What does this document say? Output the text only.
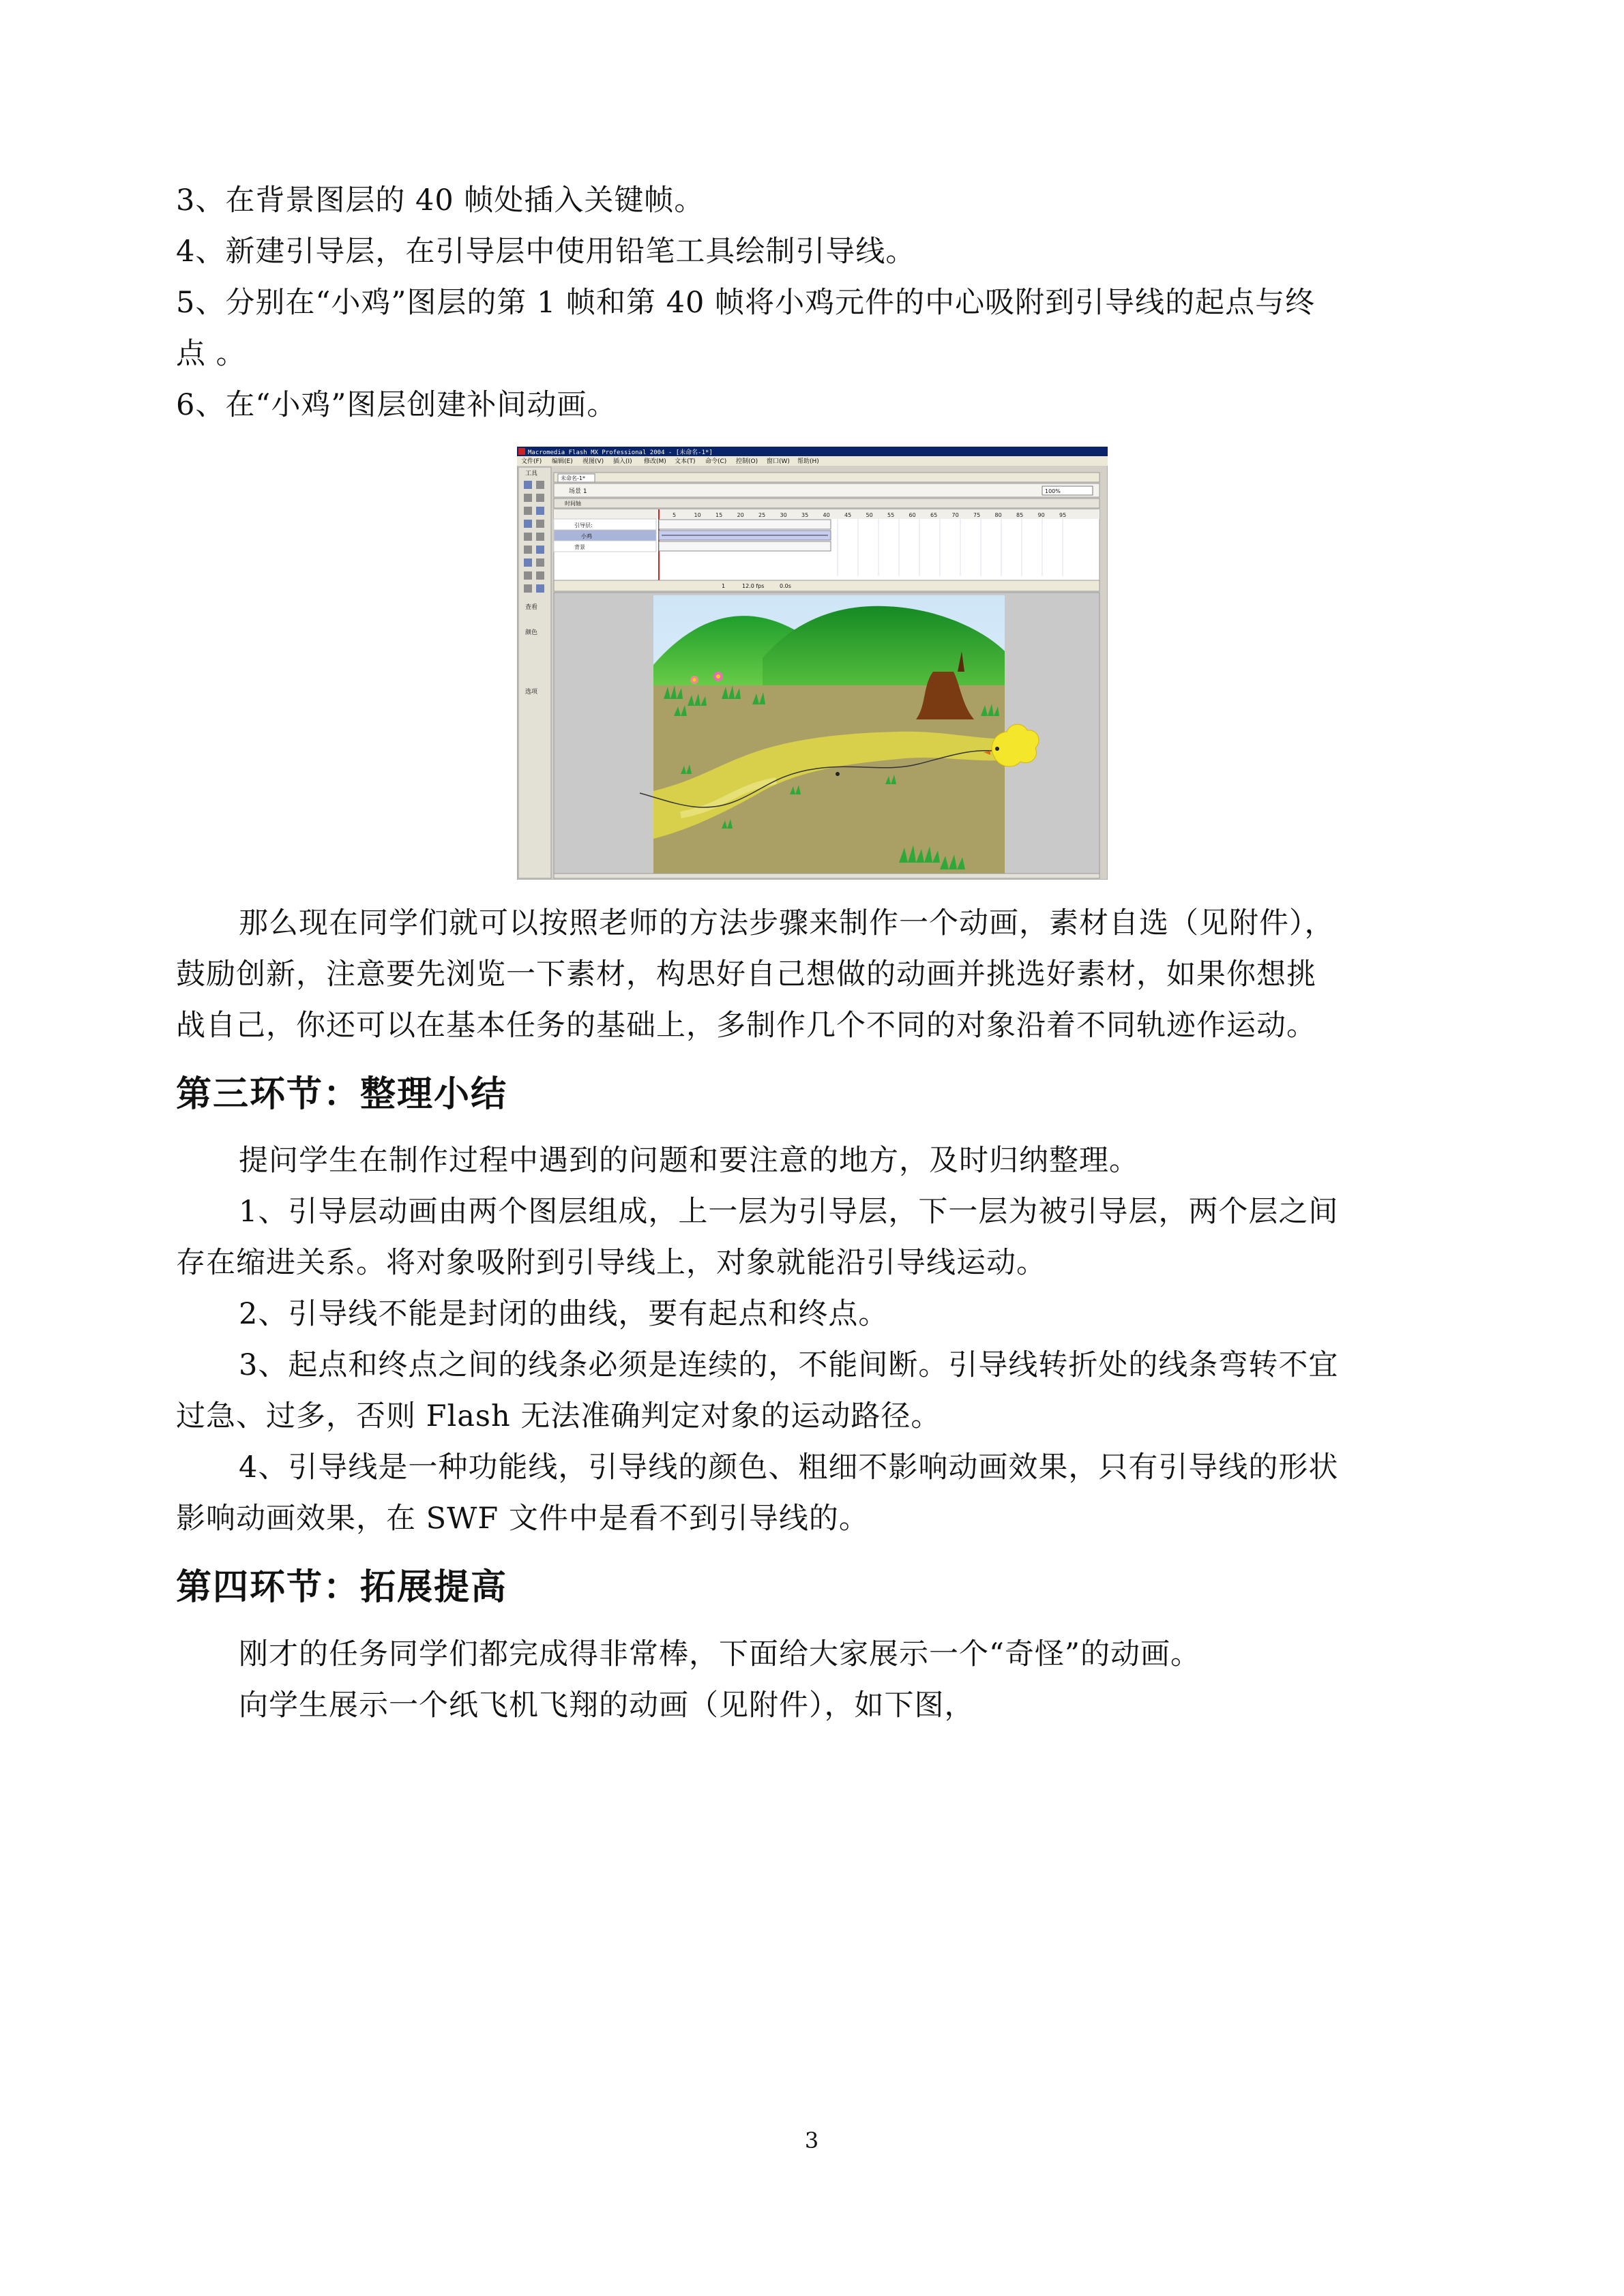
3、在背景图层的 40 帧处插入关键帧。
4、新建引导层，在引导层中使用铅笔工具绘制引导线。
5、分别在“小鸡”图层的第 1 帧和第 40 帧将小鸡元件的中心吸附到引导线的起点与终
点 。
6、在“小鸡”图层创建补间动画。
Macromedia Flash MX Professional 2004 - [未命名-1*]
文件(F) 编辑(E) 视图(V) 插入(I) 修改(M) 文本(T) 命令(C) 控制(O) 窗口(W) 帮助(H)
工具
查看
颜色
选项
未命名-1*
场景 1	100%
时间轴
5	10	15	20	25	30	35	40	45	50	55	60	65	70	75	80	85	90	95
引导层:
小鸡
背景
1	12.0 fps	0.0s
那么现在同学们就可以按照老师的方法步骤来制作一个动画，素材自选（见附件），
鼓励创新，注意要先浏览一下素材，构思好自己想做的动画并挑选好素材，如果你想挑
战自己，你还可以在基本任务的基础上，多制作几个不同的对象沿着不同轨迹作运动。
第三环节：整理小结
提问学生在制作过程中遇到的问题和要注意的地方，及时归纳整理。
1、引导层动画由两个图层组成，上一层为引导层，下一层为被引导层，两个层之间
存在缩进关系。将对象吸附到引导线上，对象就能沿引导线运动。
2、引导线不能是封闭的曲线，要有起点和终点。
3、起点和终点之间的线条必须是连续的，不能间断。引导线转折处的线条弯转不宜
过急、过多，否则 Flash 无法准确判定对象的运动路径。
4、引导线是一种功能线，引导线的颜色、粗细不影响动画效果，只有引导线的形状
影响动画效果，在 SWF 文件中是看不到引导线的。
第四环节：拓展提高
刚才的任务同学们都完成得非常棒，下面给大家展示一个“奇怪”的动画。
向学生展示一个纸飞机飞翔的动画（见附件），如下图，
3
